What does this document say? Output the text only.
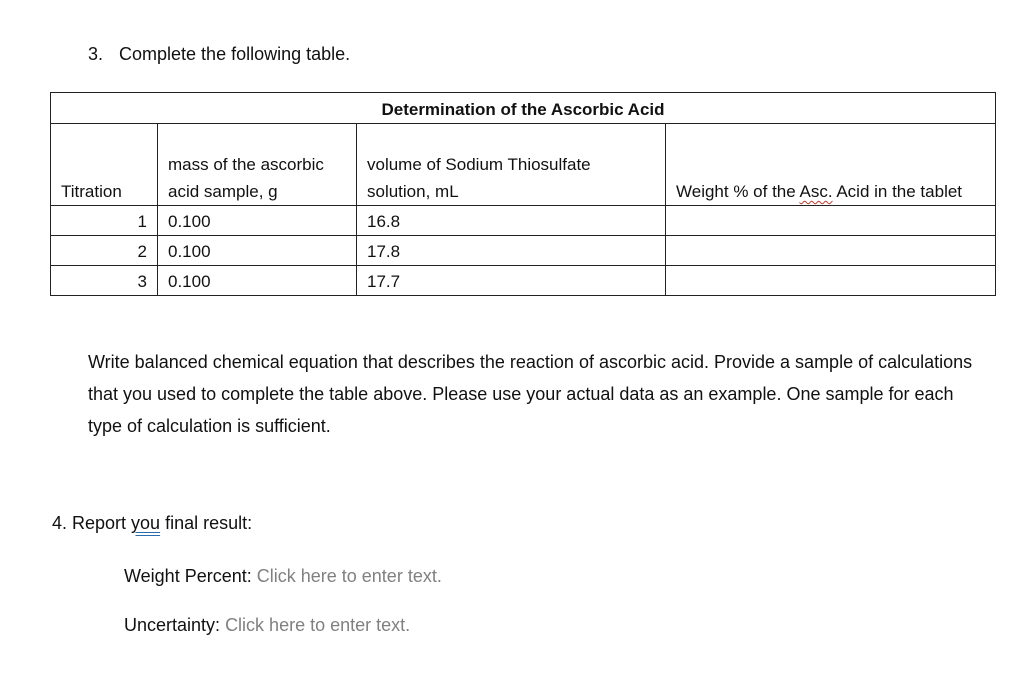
3. Complete the following table.
Determination of the Ascorbic Acid			
Titration	mass of the ascorbic acid sample, g	volume of Sodium Thiosulfate solution, mL	Weight % of the Asc. Acid in the tablet
1	0.100	16.8	
2	0.100	17.8	
3	0.100	17.7	
Write balanced chemical equation that describes the reaction of ascorbic acid. Provide a sample of calculations that you used to complete the table above. Please use your actual data as an example. One sample for each type of calculation is sufficient.
4. Report you final result:
Weight Percent: Click here to enter text.
Uncertainty: Click here to enter text.
